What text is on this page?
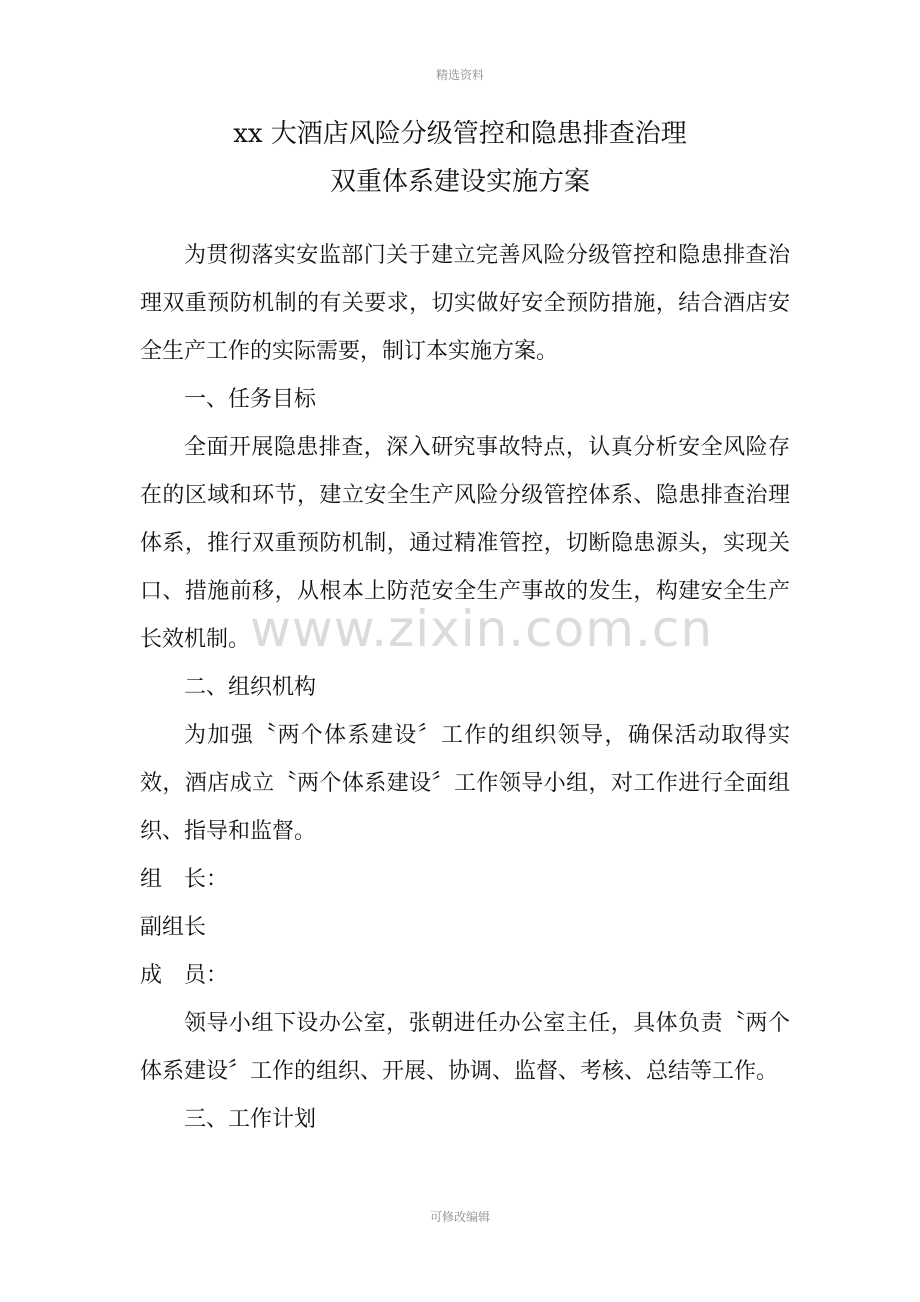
精选资料
xx 大酒店风险分级管控和隐患排查治理
双重体系建设实施方案

为贯彻落实安监部门关于建立完善风险分级管控和隐患排查治理双重预防机制的有关要求，切实做好安全预防措施，结合酒店安全生产工作的实际需要，制订本实施方案。

一、任务目标

全面开展隐患排查，深入研究事故特点，认真分析安全风险存在的区域和环节，建立安全生产风险分级管控体系、隐患排查治理体系，推行双重预防机制，通过精准管控，切断隐患源头，实现关口、措施前移，从根本上防范安全生产事故的发生，构建安全生产长效机制。

二、组织机构

为加强〝两个体系建设〞工作的组织领导，确保活动取得实效，酒店成立〝两个体系建设〞工作领导小组，对工作进行全面组织、指导和监督。

组　长：

副组长

成　员：

领导小组下设办公室，张朝进任办公室主任，具体负责〝两个体系建设〞工作的组织、开展、协调、监督、考核、总结等工作。

三、工作计划

www.zixin.com.cn
可修改编辑
